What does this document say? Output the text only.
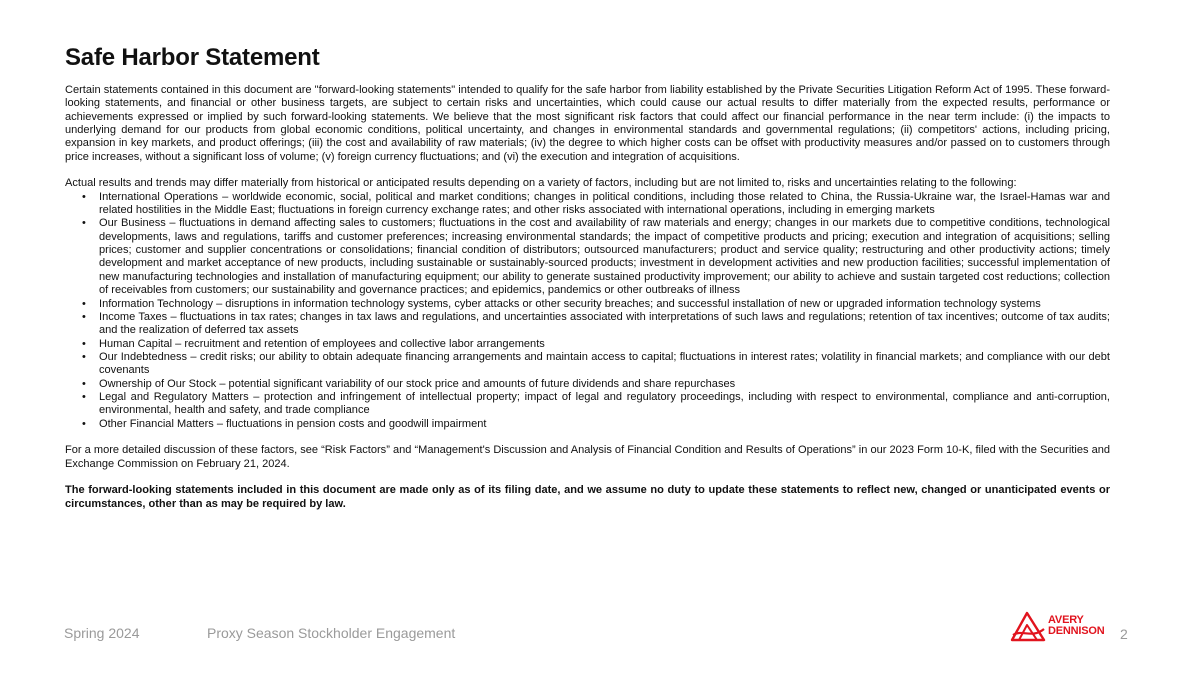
Safe Harbor Statement

Certain statements contained in this document are "forward-looking statements" intended to qualify for the safe harbor from liability established by the Private Securities Litigation Reform Act of 1995. These forward-looking statements, and financial or other business targets, are subject to certain risks and uncertainties, which could cause our actual results to differ materially from the expected results, performance or achievements expressed or implied by such forward-looking statements. We believe that the most significant risk factors that could affect our financial performance in the near term include: (i) the impacts to underlying demand for our products from global economic conditions, political uncertainty, and changes in environmental standards and governmental regulations; (ii) competitors' actions, including pricing, expansion in key markets, and product offerings; (iii) the cost and availability of raw materials; (iv) the degree to which higher costs can be offset with productivity measures and/or passed on to customers through price increases, without a significant loss of volume; (v) foreign currency fluctuations; and (vi) the execution and integration of acquisitions.

Actual results and trends may differ materially from historical or anticipated results depending on a variety of factors, including but are not limited to, risks and uncertainties relating to the following:

• International Operations – worldwide economic, social, political and market conditions; changes in political conditions, including those related to China, the Russia-Ukraine war, the Israel-Hamas war and related hostilities in the Middle East; fluctuations in foreign currency exchange rates; and other risks associated with international operations, including in emerging markets
• Our Business – fluctuations in demand affecting sales to customers; fluctuations in the cost and availability of raw materials and energy; changes in our markets due to competitive conditions, technological developments, laws and regulations, tariffs and customer preferences; increasing environmental standards; the impact of competitive products and pricing; execution and integration of acquisitions; selling prices; customer and supplier concentrations or consolidations; financial condition of distributors; outsourced manufacturers; product and service quality; restructuring and other productivity actions; timely development and market acceptance of new products, including sustainable or sustainably-sourced products; investment in development activities and new production facilities; successful implementation of new manufacturing technologies and installation of manufacturing equipment; our ability to generate sustained productivity improvement; our ability to achieve and sustain targeted cost reductions; collection of receivables from customers; our sustainability and governance practices; and epidemics, pandemics or other outbreaks of illness
• Information Technology – disruptions in information technology systems, cyber attacks or other security breaches; and successful installation of new or upgraded information technology systems
• Income Taxes – fluctuations in tax rates; changes in tax laws and regulations, and uncertainties associated with interpretations of such laws and regulations; retention of tax incentives; outcome of tax audits; and the realization of deferred tax assets
• Human Capital – recruitment and retention of employees and collective labor arrangements
• Our Indebtedness – credit risks; our ability to obtain adequate financing arrangements and maintain access to capital; fluctuations in interest rates; volatility in financial markets; and compliance with our debt covenants
• Ownership of Our Stock – potential significant variability of our stock price and amounts of future dividends and share repurchases
• Legal and Regulatory Matters – protection and infringement of intellectual property; impact of legal and regulatory proceedings, including with respect to environmental, compliance and anti-corruption, environmental, health and safety, and trade compliance
• Other Financial Matters – fluctuations in pension costs and goodwill impairment

For a more detailed discussion of these factors, see “Risk Factors” and “Management's Discussion and Analysis of Financial Condition and Results of Operations” in our 2023 Form 10-K, filed with the Securities and Exchange Commission on February 21, 2024.

The forward-looking statements included in this document are made only as of its filing date, and we assume no duty to update these statements to reflect new, changed or unanticipated events or circumstances, other than as may be required by law.

Spring 2024	Proxy Season Stockholder Engagement
AVERY
DENNISON 2
